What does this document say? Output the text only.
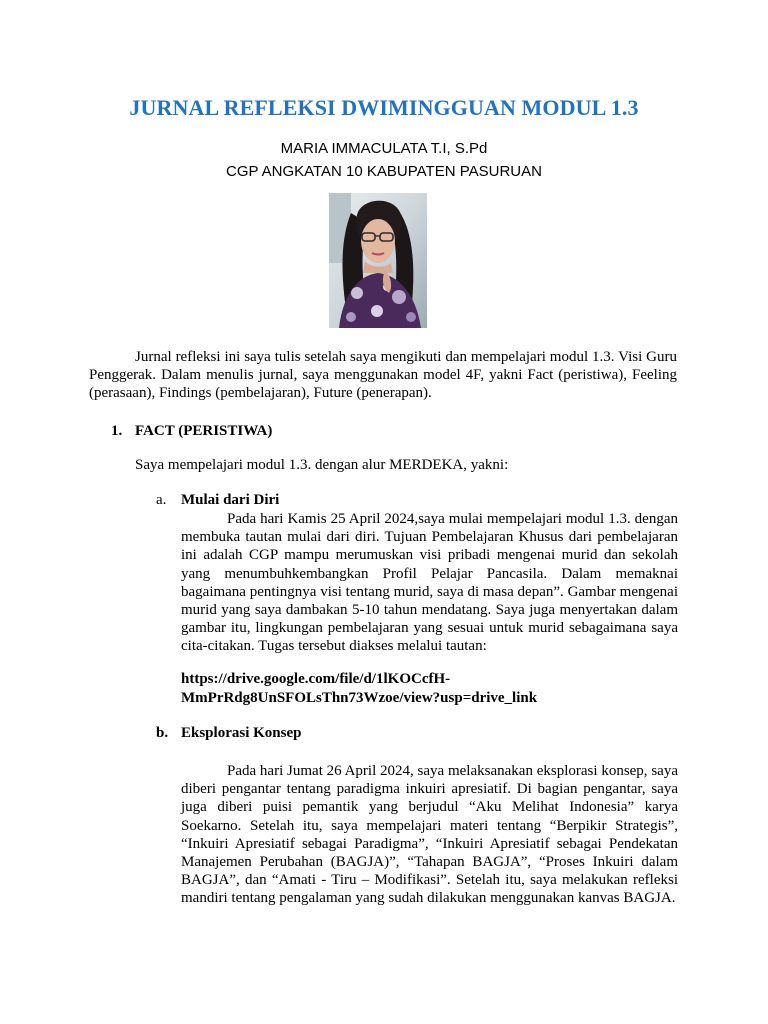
JURNAL REFLEKSI DWIMINGGUAN MODUL 1.3
MARIA IMMACULATA T.I, S.Pd
CGP ANGKATAN 10 KABUPATEN PASURUAN
Jurnal refleksi ini saya tulis setelah saya mengikuti dan mempelajari modul 1.3. Visi Guru Penggerak. Dalam menulis jurnal, saya menggunakan model 4F, yakni Fact (peristiwa), Feeling (perasaan), Findings (pembelajaran), Future (penerapan).
1. FACT (PERISTIWA)
Saya mempelajari modul 1.3. dengan alur MERDEKA, yakni:
a. Mulai dari Diri
Pada hari Kamis 25 April 2024,saya mulai mempelajari modul 1.3. dengan membuka tautan mulai dari diri. Tujuan Pembelajaran Khusus dari pembelajaran ini adalah CGP mampu merumuskan visi pribadi mengenai murid dan sekolah yang menumbuhkembangkan Profil Pelajar Pancasila. Dalam memaknai bagaimana pentingnya visi tentang murid, saya di masa depan”. Gambar mengenai murid yang saya dambakan 5-10 tahun mendatang. Saya juga menyertakan dalam gambar itu, lingkungan pembelajaran yang sesuai untuk murid sebagaimana saya cita-citakan. Tugas tersebut diakses melalui tautan:
https://drive.google.com/file/d/1lKOCcfH-
MmPrRdg8UnSFOLsThn73Wzoe/view?usp=drive_link
b. Eksplorasi Konsep
Pada hari Jumat 26 April 2024, saya melaksanakan eksplorasi konsep, saya diberi pengantar tentang paradigma inkuiri apresiatif. Di bagian pengantar, saya juga diberi puisi pemantik yang berjudul “Aku Melihat Indonesia” karya Soekarno. Setelah itu, saya mempelajari materi tentang “Berpikir Strategis”, “Inkuiri Apresiatif sebagai Paradigma”, “Inkuiri Apresiatif sebagai Pendekatan Manajemen Perubahan (BAGJA)”, “Tahapan BAGJA”, “Proses Inkuiri dalam BAGJA”, dan “Amati - Tiru – Modifikasi”. Setelah itu, saya melakukan refleksi mandiri tentang pengalaman yang sudah dilakukan menggunakan kanvas BAGJA.
